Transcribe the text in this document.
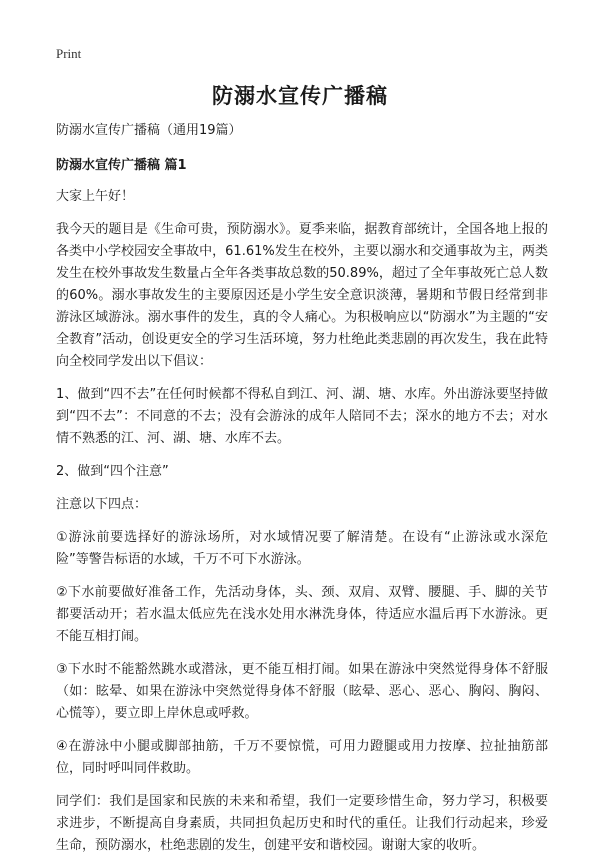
Print
防溺水宣传广播稿

防溺水宣传广播稿（通用19篇）

防溺水宣传广播稿 篇1

大家上午好！

我今天的题目是《生命可贵，预防溺水》。夏季来临，据教育部统计，全国各地上报的各类中小学校园安全事故中，61.61%发生在校外，主要以溺水和交通事故为主，两类发生在校外事故发生数量占全年各类事故总数的50.89%，超过了全年事故死亡总人数的60%。溺水事故发生的主要原因还是小学生安全意识淡薄，暑期和节假日经常到非游泳区域游泳。溺水事件的发生，真的令人痛心。为积极响应以“防溺水”为主题的“安全教育”活动，创设更安全的学习生活环境，努力杜绝此类悲剧的再次发生，我在此特向全校同学发出以下倡议：

1、做到“四不去”在任何时候都不得私自到江、河、湖、塘、水库。外出游泳要坚持做到“四不去”：不同意的不去；没有会游泳的成年人陪同不去；深水的地方不去；对水情不熟悉的江、河、湖、塘、水库不去。

2、做到“四个注意”

注意以下四点：

①游泳前要选择好的游泳场所，对水域情况要了解清楚。在设有“止游泳或水深危险”等警告标语的水域，千万不可下水游泳。

②下水前要做好准备工作，先活动身体，头、颈、双肩、双臂、腰腿、手、脚的关节都要活动开；若水温太低应先在浅水处用水淋洗身体，待适应水温后再下水游泳。更不能互相打闹。

③下水时不能豁然跳水或潜泳，更不能互相打闹。如果在游泳中突然觉得身体不舒服（如：眩晕、如果在游泳中突然觉得身体不舒服（眩晕、恶心、恶心、胸闷、胸闷、心慌等），要立即上岸休息或呼救。

④在游泳中小腿或脚部抽筋，千万不要惊慌，可用力蹬腿或用力按摩、拉扯抽筋部位，同时呼叫同伴救助。

同学们：我们是国家和民族的未来和希望，我们一定要珍惜生命，努力学习，积极要求进步，不断提高自身素质，共同担负起历史和时代的重任。让我们行动起来，珍爱生命，预防溺水，杜绝悲剧的发生，创建平安和谐校园。谢谢大家的收听。
